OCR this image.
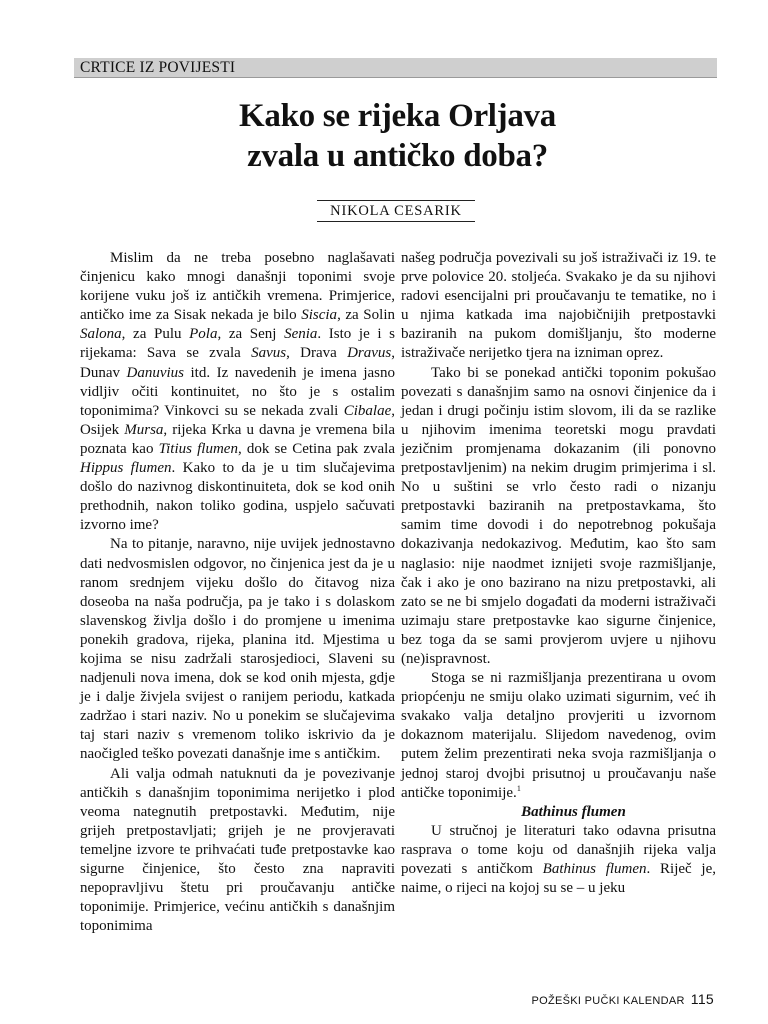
CRTICE IZ POVIJESTI
Kako se rijeka Orljava
zvala u antičko doba?
NIKOLA CESARIK

Mislim da ne treba posebno naglašavati činjenicu kako mnogi današnji toponimi svoje korijene vuku još iz antičkih vremena. Primjerice, antičko ime za Sisak nekada je bilo Siscia, za Solin Salona, za Pulu Pola, za Senj Senia. Isto je i s rijekama: Sava se zvala Savus, Drava Dravus, Dunav Danuvius itd. Iz navedenih je imena jasno vidljiv očiti kontinuitet, no što je s ostalim toponimima? Vinkovci su se nekada zvali Cibalae, Osijek Mursa, rijeka Krka u davna je vremena bila poznata kao Titius flumen, dok se Cetina pak zvala Hippus flumen. Kako to da je u tim slučajevima došlo do nazivnog diskontinuiteta, dok se kod onih prethodnih, nakon toliko godina, uspjelo sačuvati izvorno ime?

Na to pitanje, naravno, nije uvijek jednostavno dati nedvosmislen odgovor, no činjenica jest da je u ranom srednjem vijeku došlo do čitavog niza doseoba na naša područja, pa je tako i s dolaskom slavenskog življa došlo i do promjene u imenima ponekih gradova, rijeka, planina itd. Mjestima u kojima se nisu zadržali starosjedioci, Slaveni su nadjenuli nova imena, dok se kod onih mjesta, gdje je i dalje živjela svijest o ranijem periodu, katkada zadržao i stari naziv. No u ponekim se slučajevima taj stari naziv s vremenom toliko iskrivio da je naočigled teško povezati današnje ime s antičkim.

Ali valja odmah natuknuti da je povezivanje antičkih s današnjim toponimima nerijetko i plod veoma nategnutih pretpostavki. Međutim, nije grijeh pretpostavljati; grijeh je ne provjeravati temeljne izvore te prihvaćati tuđe pretpostavke kao sigurne činjenice, što često zna napraviti nepopravljivu štetu pri proučavanju antičke toponimije. Primjerice, većinu antičkih s današnjim toponimima

našeg područja povezivali su još istraživači iz 19. te prve polovice 20. stoljeća. Svakako je da su njihovi radovi esencijalni pri proučavanju te tematike, no i u njima katkada ima najobičnijih pretpostavki baziranih na pukom domišljanju, što moderne istraživače nerijetko tjera na izniman oprez.

Tako bi se ponekad antički toponim pokušao povezati s današnjim samo na osnovi činjenice da i jedan i drugi počinju istim slovom, ili da se razlike u njihovim imenima teoretski mogu pravdati jezičnim promjenama dokazanim (ili ponovno pretpostavljenim) na nekim drugim primjerima i sl. No u suštini se vrlo često radi o nizanju pretpostavki baziranih na pretpostavkama, što samim time dovodi i do nepotrebnog pokušaja dokazivanja nedokazivog. Međutim, kao što sam naglasio: nije naodmet iznijeti svoje razmišljanje, čak i ako je ono bazirano na nizu pretpostavki, ali zato se ne bi smjelo događati da moderni istraživači uzimaju stare pretpostavke kao sigurne činjenice, bez toga da se sami provjerom uvjere u njihovu (ne)ispravnost.

Stoga se ni razmišljanja prezentirana u ovom priopćenju ne smiju olako uzimati sigurnim, već ih svakako valja detaljno provjeriti u izvornom dokaznom materijalu. Slijedom navedenog, ovim putem želim prezentirati neka svoja razmišljanja o jednoj staroj dvojbi prisutnoj u proučavanju naše antičke toponimije.$^1$

Bathinus flumen

U stručnoj je literaturi tako odavna prisutna rasprava o tome koju od današnjih rijeka valja povezati s antičkom Bathinus flumen. Riječ je, naime, o rijeci na kojoj su se – u jeku

POŽEŠKI PUČKI KALENDAR 115
